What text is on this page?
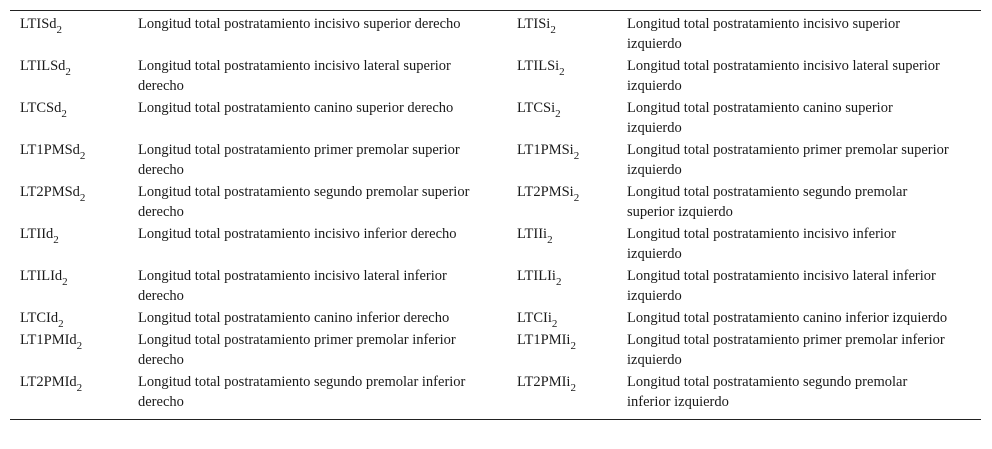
LTISd$_2$	Longitud total postratamiento incisivo superior derecho	LTISi$_2$	Longitud total postratamiento incisivo superior izquierdo
LTILSd$_2$	Longitud total postratamiento incisivo lateral superior derecho	LTILSi$_2$	Longitud total postratamiento incisivo lateral superior izquierdo
LTCSd$_2$	Longitud total postratamiento canino superior derecho	LTCSi$_2$	Longitud total postratamiento canino superior izquierdo
LT1PMSd$_2$	Longitud total postratamiento primer premolar superior derecho	LT1PMSi$_2$	Longitud total postratamiento primer premolar superior izquierdo
LT2PMSd$_2$	Longitud total postratamiento segundo premolar superior derecho	LT2PMSi$_2$	Longitud total postratamiento segundo premolar superior izquierdo
LTIId$_2$	Longitud total postratamiento incisivo inferior derecho	LTIIi$_2$	Longitud total postratamiento incisivo inferior izquierdo
LTILId$_2$	Longitud total postratamiento incisivo lateral inferior derecho	LTILIi$_2$	Longitud total postratamiento incisivo lateral inferior izquierdo
LTCId$_2$	Longitud total postratamiento canino inferior derecho	LTCIi$_2$	Longitud total postratamiento canino inferior izquierdo
LT1PMId$_2$	Longitud total postratamiento primer premolar inferior derecho	LT1PMIi$_2$	Longitud total postratamiento primer premolar inferior izquierdo
LT2PMId$_2$	Longitud total postratamiento segundo premolar inferior derecho	LT2PMIi$_2$	Longitud total postratamiento segundo premolar inferior izquierdo
